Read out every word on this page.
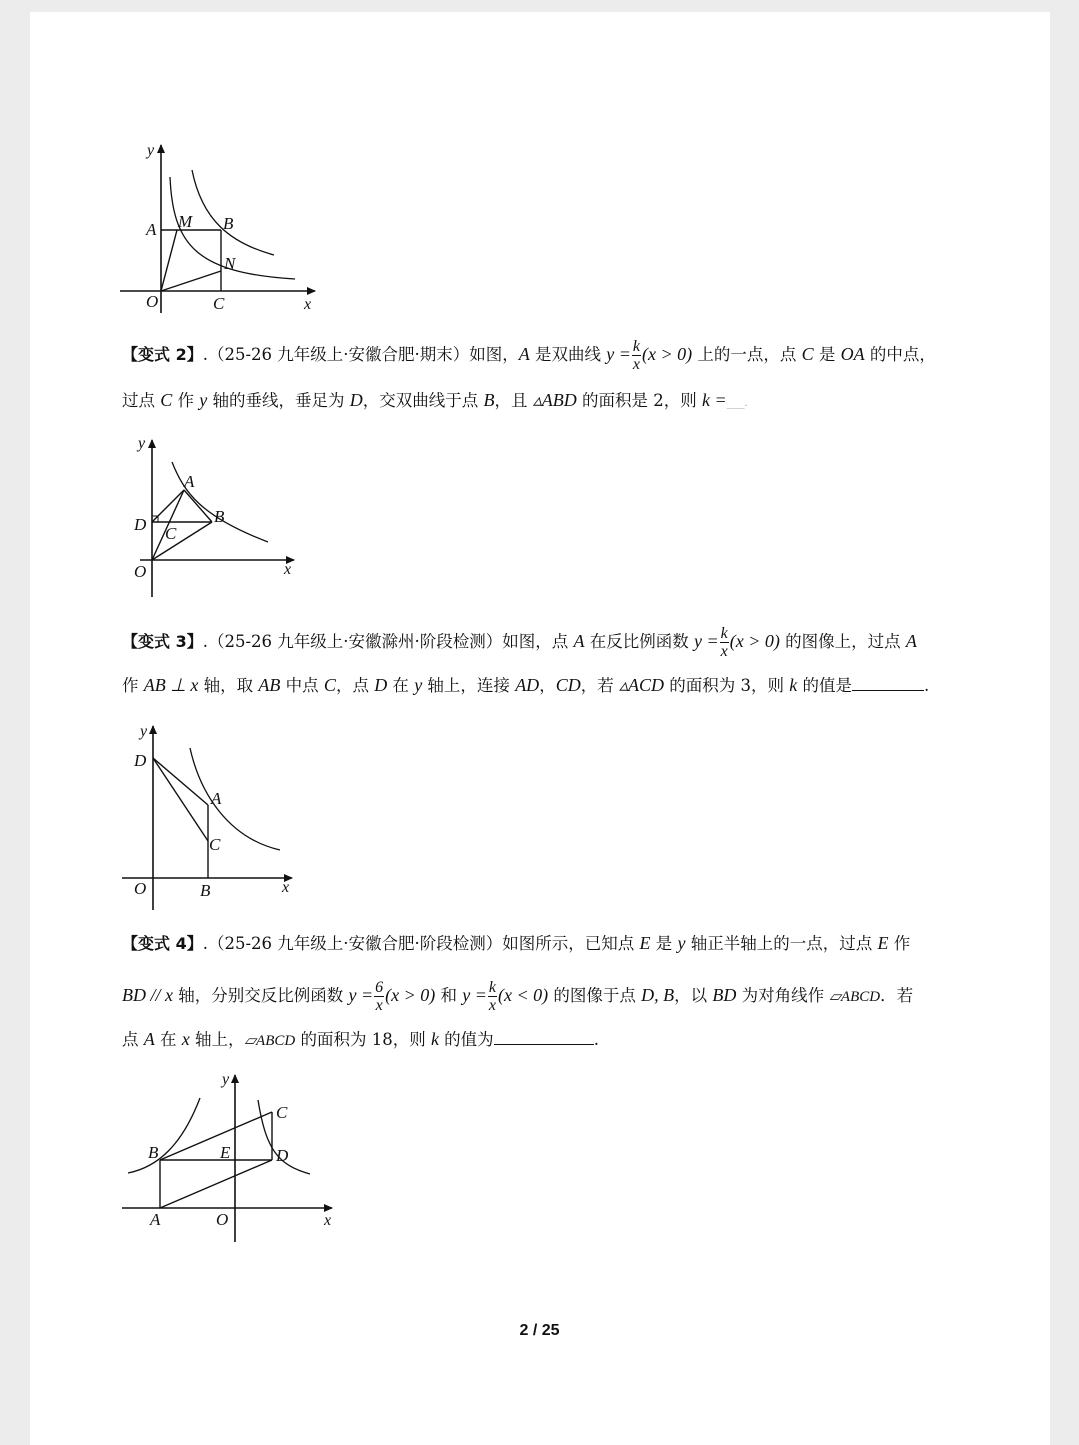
y
x
O
A M B
N
C
【变式 2】.（25-26 九年级上·安徽合肥·期末）如图，A 是双曲线 $y = \frac{k}{x} (x > 0)$ 上的一点，点 C 是 OA 的中点，
过点 C 作 y 轴的垂线，垂足为 D，交双曲线于点 B，且 ▵ABD 的面积是 2，则 k =____.
y
x
O
A
B
C
D
【变式 3】.（25-26 九年级上·安徽滁州·阶段检测）如图，点 A 在反比例函数 $y = \frac{k}{x} (x > 0)$ 的图像上，过点 A
作 AB ⊥ x 轴，取 AB 中点 C，点 D 在 y 轴上，连接 AD，CD，若 ▵ACD 的面积为 3，则 k 的值是	.
y
x
O
D
A
C
B
【变式 4】.（25-26 九年级上·安徽合肥·阶段检测）如图所示，已知点 E 是 y 轴正半轴上的一点，过点 E 作
BD // x 轴，分别交反比例函数 $y = \frac{6}{x} (x > 0)$ 和 $y = \frac{k}{x} (x < 0)$ 的图像于点 D, B，以 BD 为对角线作 ▱ABCD．若
点 A 在 x 轴上，▱ABCD 的面积为 18，则 k 的值为	.
y
x
O
A
B
C
D
E
2 / 25
